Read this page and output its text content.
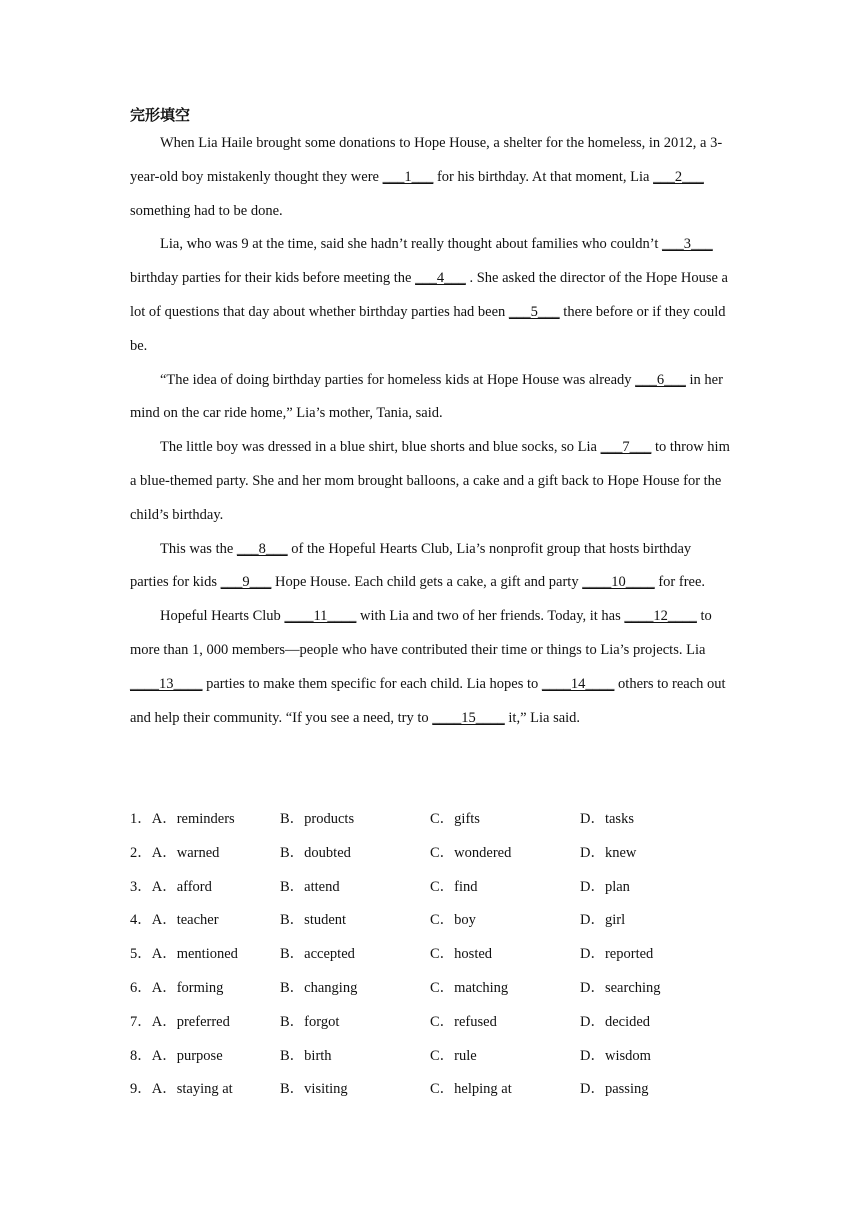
完形填空

When Lia Haile brought some donations to Hope House, a shelter for the homeless, in 2012, a 3-year-old boy mistakenly thought they were ___1___ for his birthday. At that moment, Lia ___2___ something had to be done.

Lia, who was 9 at the time, said she hadn’t really thought about families who couldn’t ___3___ birthday parties for their kids before meeting the ___4___ . She asked the director of the Hope House a lot of questions that day about whether birthday parties had been ___5___ there before or if they could be.

“The idea of doing birthday parties for homeless kids at Hope House was already ___6___ in her mind on the car ride home,” Lia’s mother, Tania, said.

The little boy was dressed in a blue shirt, blue shorts and blue socks, so Lia ___7___ to throw him a blue-themed party. She and her mom brought balloons, a cake and a gift back to Hope House for the child’s birthday.

This was the ___8___ of the Hopeful Hearts Club, Lia’s nonprofit group that hosts birthday parties for kids ___9___ Hope House. Each child gets a cake, a gift and party ____10____ for free.

Hopeful Hearts Club ____11____ with Lia and two of her friends. Today, it has ____12____ to more than 1, 000 members—people who have contributed their time or things to Lia’s projects. Lia ____13____ parties to make them specific for each child. Lia hopes to ____14____ others to reach out and help their community. “If you see a need, try to ____15____ it,” Lia said.

1．A．reminders	B．products	C．gifts	D．tasks
2．A．warned	B．doubted	C．wondered	D．knew
3．A．afford	B．attend	C．find	D．plan
4．A．teacher	B．student	C．boy	D．girl
5．A．mentioned	B．accepted	C．hosted	D．reported
6．A．forming	B．changing	C．matching	D．searching
7．A．preferred	B．forgot	C．refused	D．decided
8．A．purpose	B．birth	C．rule	D．wisdom
9．A．staying at	B．visiting	C．helping at	D．passing
